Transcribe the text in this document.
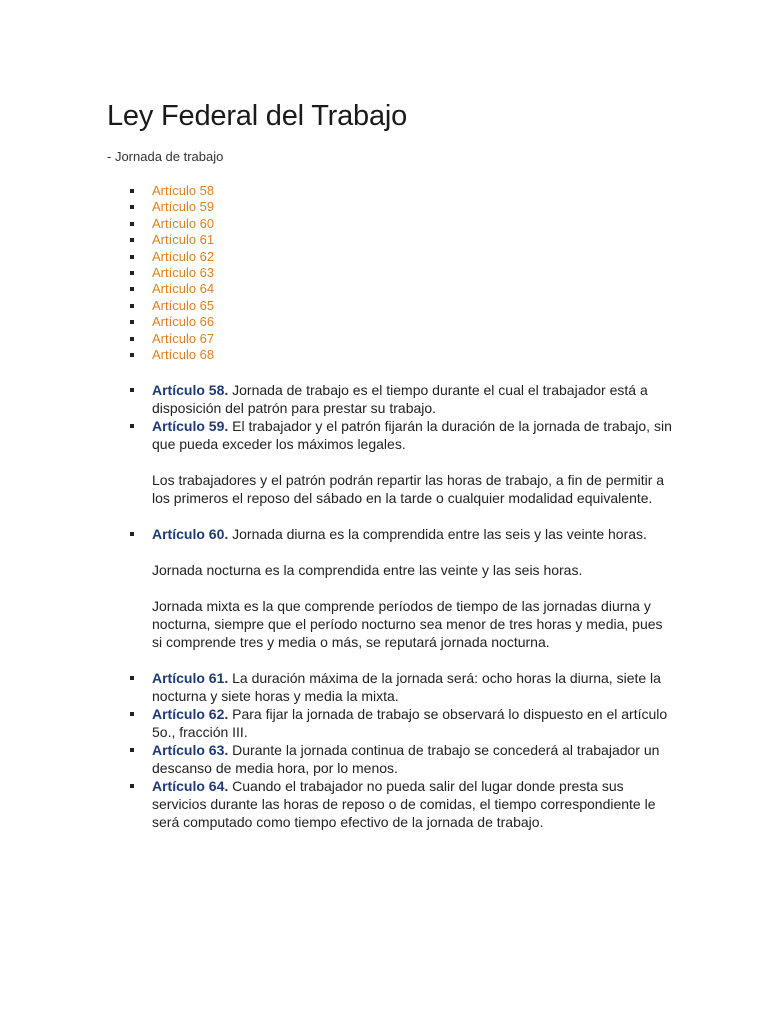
Ley Federal del Trabajo
- Jornada de trabajo
Artículo 58
Artículo 59
Artículo 60
Artículo 61
Artículo 62
Artículo 63
Artículo 64
Artículo 65
Artículo 66
Artículo 67
Artículo 68
Artículo 58. Jornada de trabajo es el tiempo durante el cual el trabajador está a disposición del patrón para prestar su trabajo.
Artículo 59. El trabajador y el patrón fijarán la duración de la jornada de trabajo, sin que pueda exceder los máximos legales.
Los trabajadores y el patrón podrán repartir las horas de trabajo, a fin de permitir a los primeros el reposo del sábado en la tarde o cualquier modalidad equivalente.
Artículo 60. Jornada diurna es la comprendida entre las seis y las veinte horas.
Jornada nocturna es la comprendida entre las veinte y las seis horas.
Jornada mixta es la que comprende períodos de tiempo de las jornadas diurna y nocturna, siempre que el período nocturno sea menor de tres horas y media, pues si comprende tres y media o más, se reputará jornada nocturna.
Artículo 61. La duración máxima de la jornada será: ocho horas la diurna, siete la nocturna y siete horas y media la mixta.
Artículo 62. Para fijar la jornada de trabajo se observará lo dispuesto en el artículo 5o., fracción III.
Artículo 63. Durante la jornada continua de trabajo se concederá al trabajador un descanso de media hora, por lo menos.
Artículo 64. Cuando el trabajador no pueda salir del lugar donde presta sus servicios durante las horas de reposo o de comidas, el tiempo correspondiente le será computado como tiempo efectivo de la jornada de trabajo.
